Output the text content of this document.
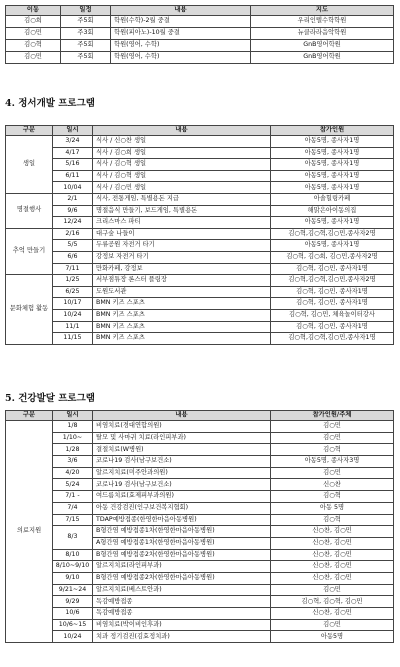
이동	일정	내용	지도
김○희	주5회	학원(수학)-2월 중결	우리인텔수학학원
김○민	주3회	학원(피아노)-10월 중결	뉴클라라음악학원
김○혁	주5회	학원(영어, 수학)	GnB영어학원
김○민	주5회	학원(영어, 수학)	GnB영어학원
4. 정서개발 프로그램
구분	일시	내용	참가인원
생일	3/24	식사 / 신○찬 생일	아동5명, 종사자1명
	4/17	식사 / 김○희 생일	아동5명, 종사자1명
	5/16	식사 / 김○혁 생일	아동5명, 종사자1명
	6/11	식사 / 김○혁 생일	아동5명, 종사자1명
	10/04	식사 / 김○민 생일	아동5명, 종사자1명
명절행사	2/1	식사, 전통게임, 특별용돈 지급	아솔힐링카페
	9/6	명절음식 만들기, 보드게임, 특별용돈	해맑은아이동의집
	12/24	크리스마스 파티	아동5명, 종사자1명
추억 만들기	2/16	대구숲 나들이	김○혁,김○혁,김○민,종사자2명
	5/5	두류공원 자전거 타기	아동5명, 종사자1명
	6/6	강정보 자전거 타기	김○혁, 김○희, 김○민,종사자2명
	7/11	만화카페, 강정보	김○혁, 김○민, 종사자1명
문화체험 활동	1/25	서부점튜장 론스터 플링장	김○혁,김○혁,김○민,종사자2명
	6/25	도원도서관	김○혁, 김○민, 종사자1명
	10/17	BMN 키즈 스포츠	김○혁, 김○민, 종사자1명
	10/24	BMN 키즈 스포츠	김○혁, 김○민, 체육놀이터강사
	11/1	BMN 키즈 스포츠	김○혁, 김○민, 종사자1명
	11/15	BMN 키즈 스포츠	김○혁,김○혁,김○민,종사자1명
5. 건강발달 프로그램
구분	일시	내용	참가인원/주체
의료지원	1/8	비염치료(경대연합의원)	김○민
	1/10~	탈모 및 사마귀 치료(라인피부과)	김○민
	1/28	결절치료(W병원)	김○혁
	3/6	코로나19 검사(남구보건소)	아동5명, 종사자3명
	4/20	알르지치료(미주안과의원)	김○민
	5/24	코로나19 검사(남구보건소)	신○찬
	7/1 -	여드름치료(효제피부과의원)	김○혁
	7/4	아동 건강검진(인구보건복지협회)	아동 5명
	7/15	TDAP예방접종(한영한마음아동병원)	김○혁
	8/3	B형간염 예방접종1차(한영한마음아동병원)	신○찬, 김○민
		A형간염 예방접종1차(한영한마음아동병원)	신○찬, 김○민
	8/10	B형간염 예방접종2차(한영한마음아동병원)	신○찬, 김○민
	8/10~9/10	알르지치료(라인피부과)	신○찬, 김○민
	9/10	B형간염 예방접종2차(한영한마음아동병원)	신○찬, 김○민
	9/21~24	알르지치료(베스트안과)	김○민
	9/29	독감예방접종	김○혁, 김○혁, 김○민
	10/6	독감예방접종	신○찬, 김○민
	10/6~15	비염치료(박이비인후과)	김○민
	10/24	치과 정기검진(김효정치과)	아동5명
